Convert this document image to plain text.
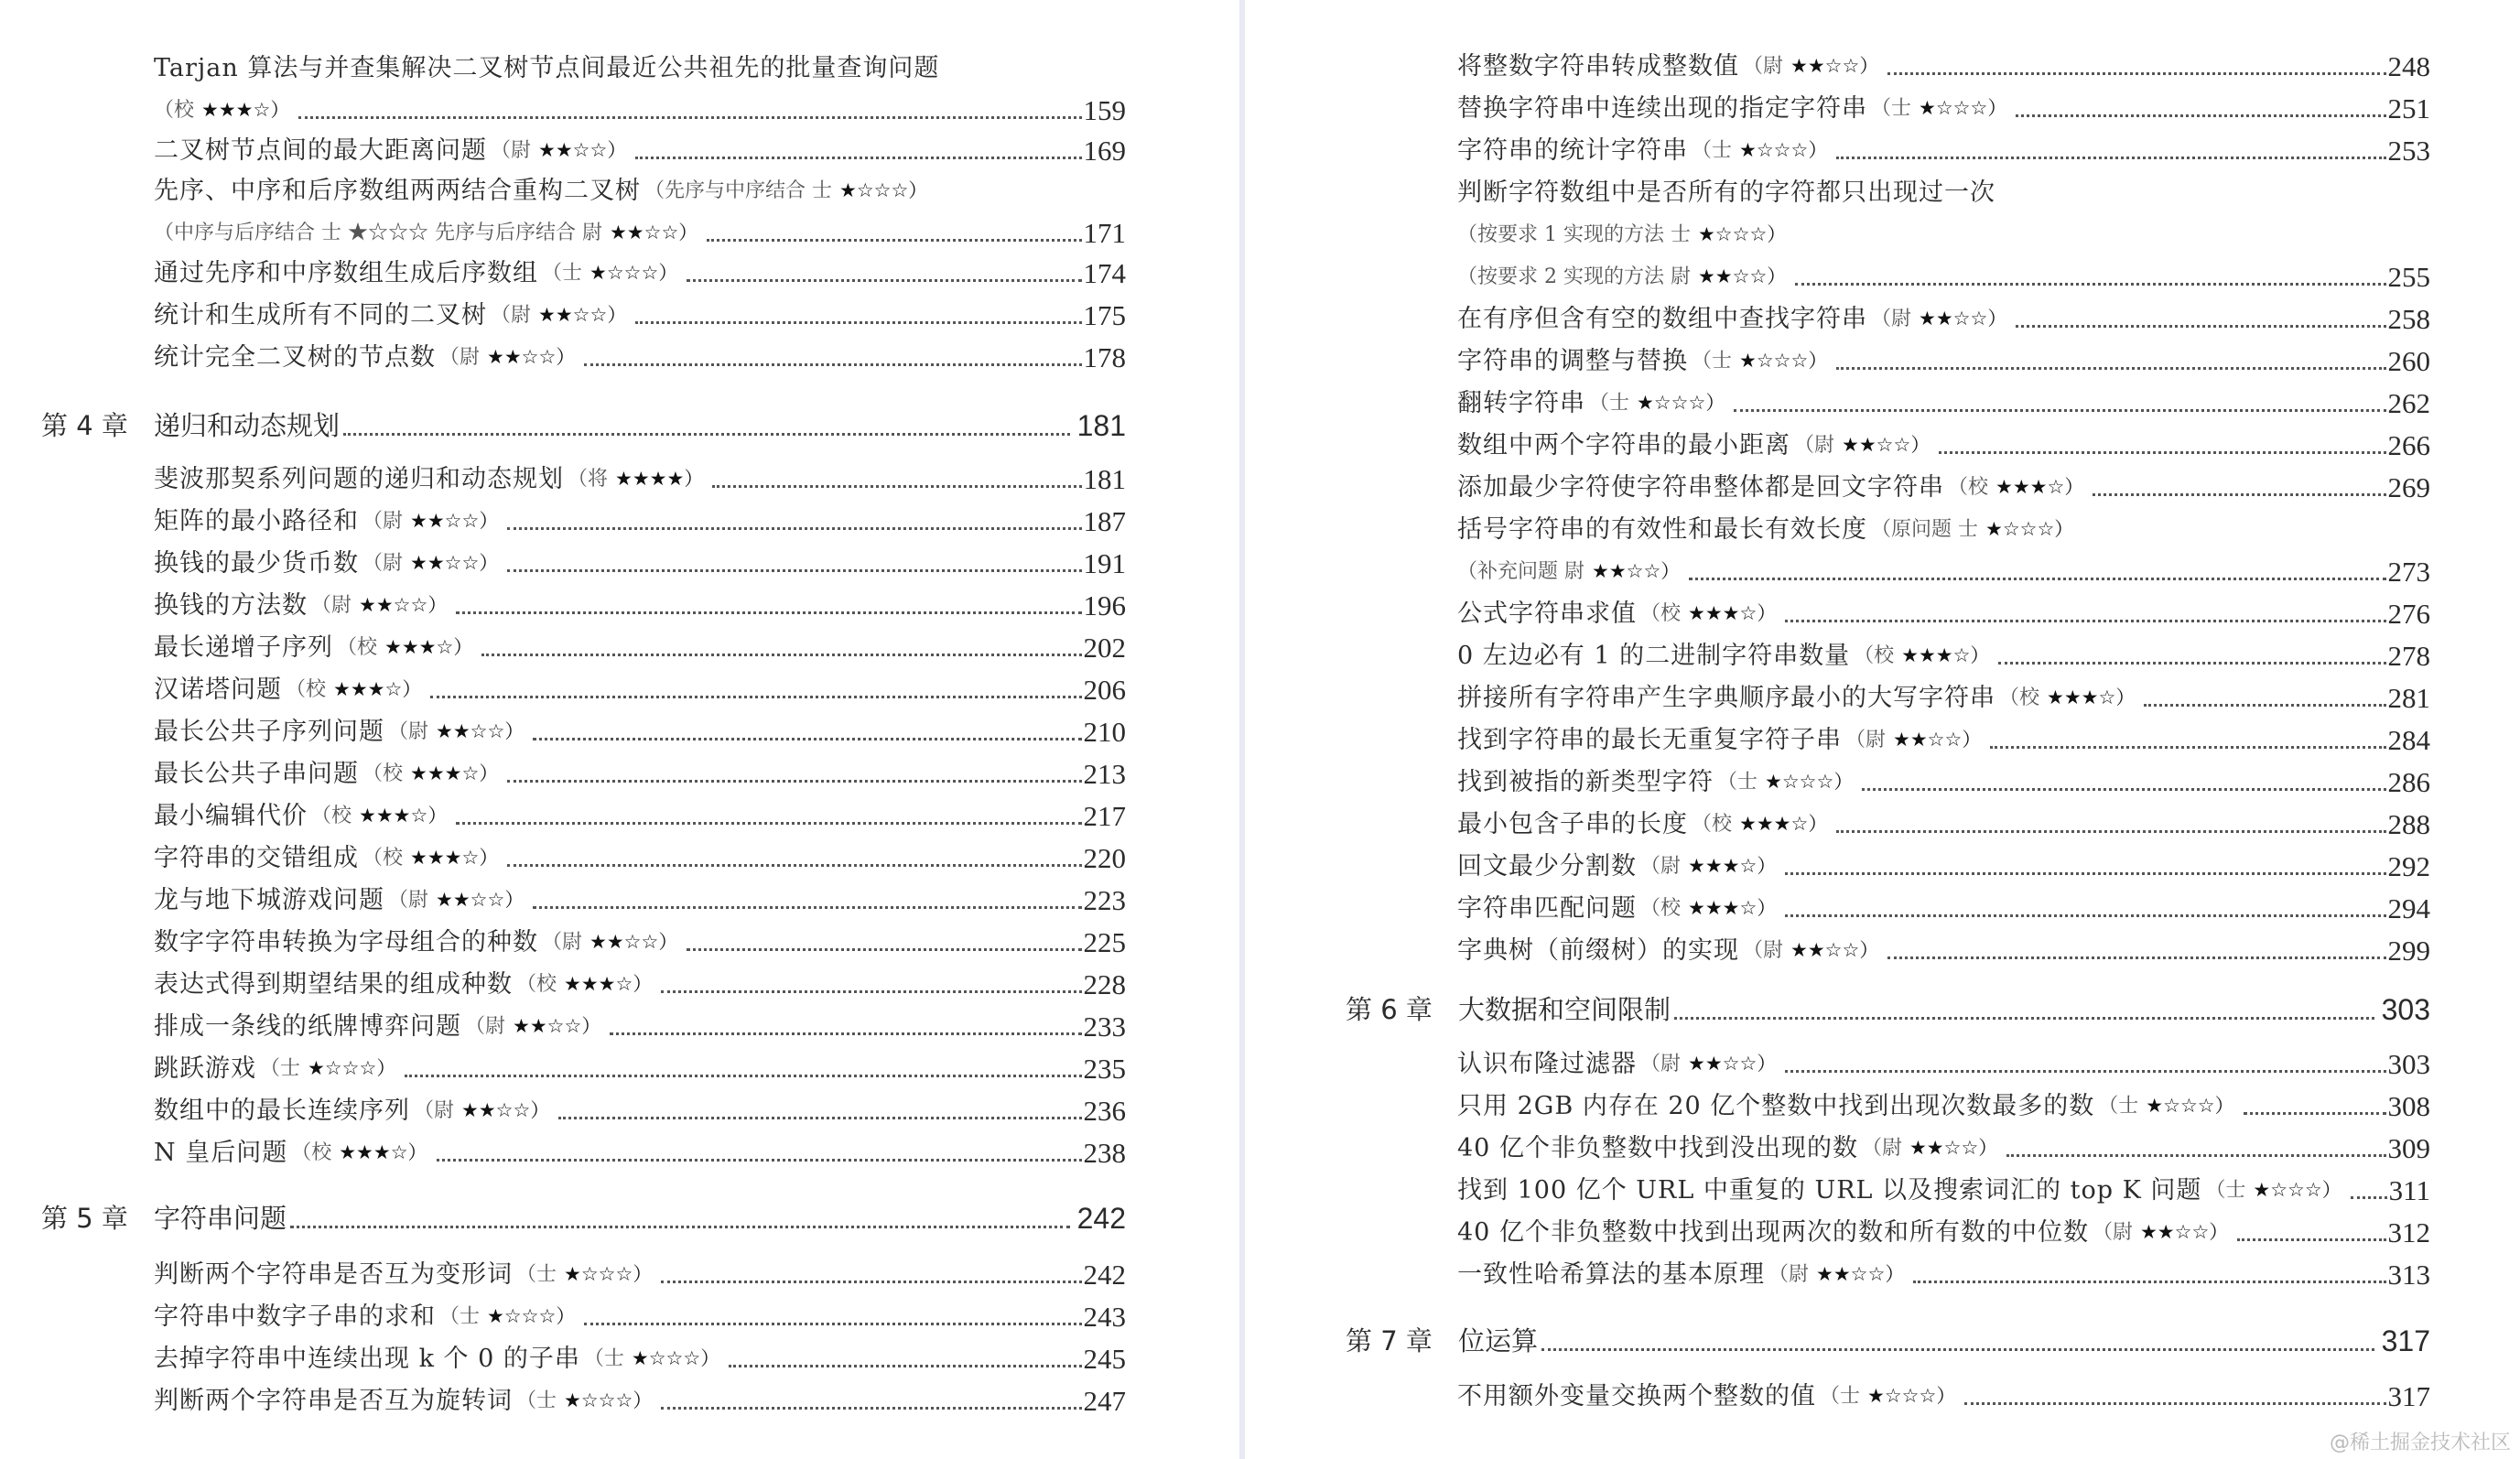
Tarjan 算法与并查集解决二叉树节点间最近公共祖先的批量查询问题
（校 ★★★☆）	159
二叉树节点间的最大距离问题 （尉 ★★☆☆）	169
先序、中序和后序数组两两结合重构二叉树 （先序与中序结合 士 ★☆☆☆）
（中序与后序结合 士 ★☆☆☆ 先序与后序结合 尉 ★★☆☆）	171
通过先序和中序数组生成后序数组 （士 ★☆☆☆）	174
统计和生成所有不同的二叉树 （尉 ★★☆☆）	175
统计完全二叉树的节点数 （尉 ★★☆☆）	178
第 4 章 递归和动态规划	181
斐波那契系列问题的递归和动态规划 （将 ★★★★）	181
矩阵的最小路径和 （尉 ★★☆☆）	187
换钱的最少货币数 （尉 ★★☆☆）	191
换钱的方法数 （尉 ★★☆☆）	196
最长递增子序列 （校 ★★★☆）	202
汉诺塔问题 （校 ★★★☆）	206
最长公共子序列问题 （尉 ★★☆☆）	210
最长公共子串问题 （校 ★★★☆）	213
最小编辑代价 （校 ★★★☆）	217
字符串的交错组成 （校 ★★★☆）	220
龙与地下城游戏问题 （尉 ★★☆☆）	223
数字字符串转换为字母组合的种数 （尉 ★★☆☆）	225
表达式得到期望结果的组成种数 （校 ★★★☆）	228
排成一条线的纸牌博弈问题 （尉 ★★☆☆）	233
跳跃游戏 （士 ★☆☆☆）	235
数组中的最长连续序列 （尉 ★★☆☆）	236
N 皇后问题 （校 ★★★☆）	238
第 5 章 字符串问题	242
判断两个字符串是否互为变形词 （士 ★☆☆☆）	242
字符串中数字子串的求和 （士 ★☆☆☆）	243
去掉字符串中连续出现 k 个 0 的子串 （士 ★☆☆☆）	245
判断两个字符串是否互为旋转词 （士 ★☆☆☆）	247
将整数字符串转成整数值 （尉 ★★☆☆）	248
替换字符串中连续出现的指定字符串 （士 ★☆☆☆）	251
字符串的统计字符串 （士 ★☆☆☆）	253
判断字符数组中是否所有的字符都只出现过一次
（按要求 1 实现的方法 士 ★☆☆☆）
（按要求 2 实现的方法 尉 ★★☆☆）	255
在有序但含有空的数组中查找字符串 （尉 ★★☆☆）	258
字符串的调整与替换 （士 ★☆☆☆）	260
翻转字符串 （士 ★☆☆☆）	262
数组中两个字符串的最小距离 （尉 ★★☆☆）	266
添加最少字符使字符串整体都是回文字符串 （校 ★★★☆）	269
括号字符串的有效性和最长有效长度 （原问题 士 ★☆☆☆）
（补充问题 尉 ★★☆☆）	273
公式字符串求值 （校 ★★★☆）	276
0 左边必有 1 的二进制字符串数量 （校 ★★★☆）	278
拼接所有字符串产生字典顺序最小的大写字符串 （校 ★★★☆）	281
找到字符串的最长无重复字符子串 （尉 ★★☆☆）	284
找到被指的新类型字符 （士 ★☆☆☆）	286
最小包含子串的长度 （校 ★★★☆）	288
回文最少分割数 （尉 ★★★☆）	292
字符串匹配问题 （校 ★★★☆）	294
字典树（前缀树）的实现 （尉 ★★☆☆）	299
第 6 章 大数据和空间限制	303
认识布隆过滤器 （尉 ★★☆☆）	303
只用 2GB 内存在 20 亿个整数中找到出现次数最多的数 （士 ★☆☆☆）	308
40 亿个非负整数中找到没出现的数 （尉 ★★☆☆）	309
找到 100 亿个 URL 中重复的 URL 以及搜索词汇的 top K 问题 （士 ★☆☆☆） 311
40 亿个非负整数中找到出现两次的数和所有数的中位数 （尉 ★★☆☆）	312
一致性哈希算法的基本原理 （尉 ★★☆☆）	313
第 7 章 位运算	317
不用额外变量交换两个整数的值 （士 ★☆☆☆）	317
@稀土掘金技术社区
